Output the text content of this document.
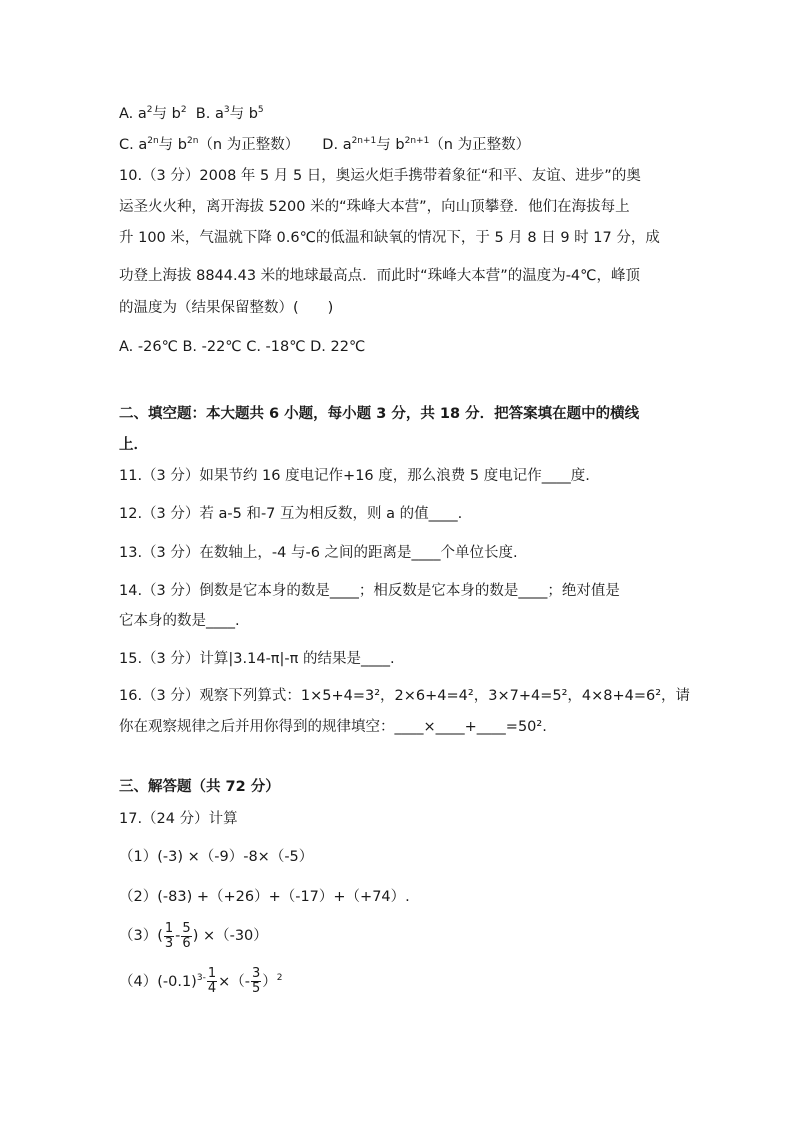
A. $a^2$与 $b^2$ B. $a^3$与 $b^5$
C. $a^{2n}$与 $b^{2n}(n$ 为正整数） D. $a^{2n+1}$与 $b^{2n+1}(n$ 为正整数）
10.（3 分）2008 年 5 月 5 日，奥运火炬手携带着象征“和平、友谊、进步”的奥
运圣火火种，离开海拔 5200 米的“珠峰大本营”，向山顶攀登．他们在海拔每上
升 100 米，气温就下降 0.6℃的低温和缺氧的情况下，于 5 月 8 日 9 时 17 分，成
功登上海拔 8844.43 米的地球最高点．而此时“珠峰大本营”的温度为-4℃，峰顶
的温度为（结果保留整数）(　　)
A. -26℃ B. -22℃ C. -18℃ D. 22℃
二、填空题：本大题共 6 小题，每小题 3 分，共 18 分．把答案填在题中的横线
上．
11.（3 分）如果节约 16 度电记作+16 度，那么浪费 5 度电记作____度.
12.（3 分）若 a-5 和-7 互为相反数，则 a 的值____.
13.（3 分）在数轴上，-4 与-6 之间的距离是____个单位长度.
14.（3 分）倒数是它本身的数是____；相反数是它本身的数是____；绝对值是
它本身的数是____.
15.（3 分）计算|3.14-π|-π 的结果是____.
16.（3 分）观察下列算式：1×5+4=3²，2×6+4=4²，3×7+4=5²，4×8+4=6²，请
你在观察规律之后并用你得到的规律填空：____×____+____=50².
三、解答题（共 72 分）
17.（24 分）计算
（1）(-3) ×（-9）-8×（-5）
（2）(-83) +（+26）+（-17）+（+74）.
$(3)( \frac{1}{3} - \frac{5}{6}$ ) ×（-30）
$(4)(-0.1)^{3-} \frac{1}{4}$ ×（- $\frac{3}{5} )^2$
